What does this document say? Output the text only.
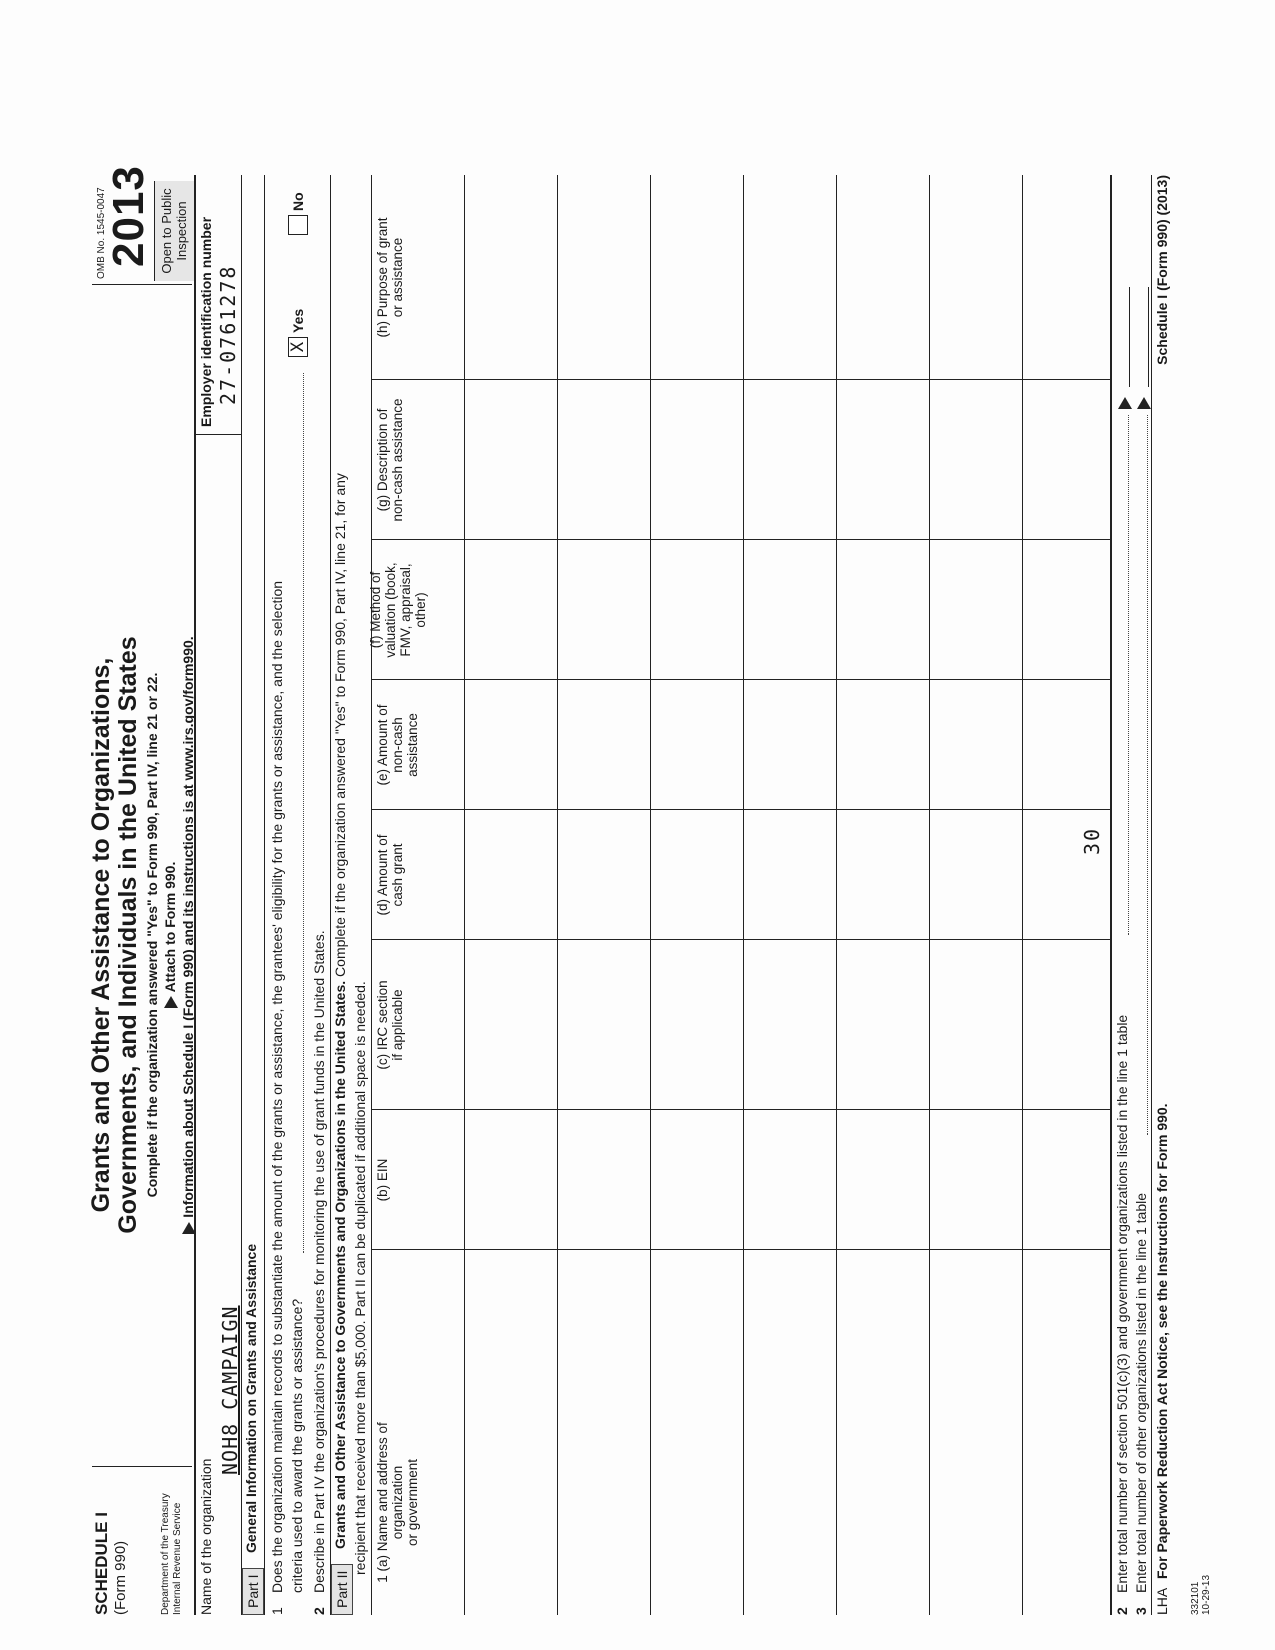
SCHEDULE I (Form 990)	Department of the Treasury Internal Revenue Service
Grants and Other Assistance to Organizations, Governments, and Individuals in the United States Complete if the organization answered "Yes" to Form 990, Part IV, line 21 or 22. Attach to Form 990. Information about Schedule I (Form 990) and its instructions is at www.irs.gov/form990.
OMB No. 1545-0047
2013 Open to Public Inspection
Name of the organization
NOH8 CAMPAIGN
Employer identification number 27-0761278
Part I
General Information on Grants and Assistance
1
Does the organization maintain records to substantiate the amount of the grants or assistance, the grantees' eligibility for the grants or assistance, and the selection criteria used to award the grants or assistance?
X
Yes
No
2
Describe in Part IV the organization's procedures for monitoring the use of grant funds in the United States. Part II
Grants and Other Assistance to Governments and Organizations in the United States. Complete if the organization answered "Yes" to Form 990, Part IV, line 21, for any
recipient that received more than $5,000. Part II can be duplicated if additional space is needed. 1 (a) Name and address of organization or government
(b) EIN
(c) IRC section if applicable
(d) Amount of cash grant
(e) Amount of non-cash assistance
(f) Method of valuation (book, FMV, appraisal, other)
(g) Description of non-cash assistance
(h) Purpose of grant or assistance
2
Enter total number of section 501(c)(3) and government organizations listed in the line 1 table
3
Enter total number of other organizations listed in the line 1 table
LHA
For Paperwork Reduction Act Notice, see the Instructions for Form 990.
Schedule I (Form 990) (2013)
332101 10-29-13
30
